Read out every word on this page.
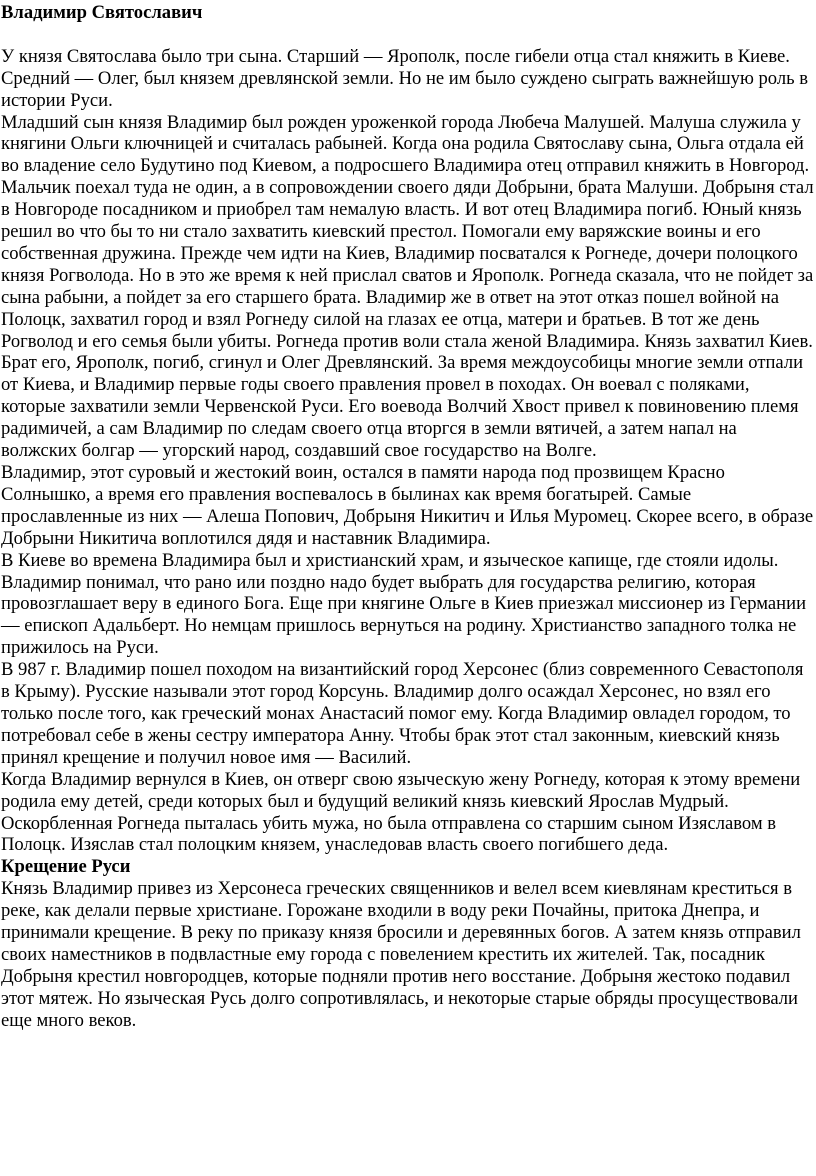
Владимир Святославич

У князя Святослава было три сына. Старший — Ярополк, после гибели отца стал княжить в Киеве. Средний — Олег, был князем древлянской земли. Но не им было суждено сыграть важнейшую роль в истории Руси.

Младший сын князя Владимир был рожден уроженкой города Любеча Малушей. Малуша служила у княгини Ольги ключницей и считалась рабыней. Когда она родила Святославу сына, Ольга отдала ей во владение село Будутино под Киевом, а подросшего Владимира отец отправил княжить в Новгород. Мальчик поехал туда не один, а в сопровождении своего дяди Добрыни, брата Малуши. Добрыня стал в Новгороде посадником и приобрел там немалую власть. И вот отец Владимира погиб. Юный князь решил во что бы то ни стало захватить киевский престол. Помогали ему варяжские воины и его собственная дружина. Прежде чем идти на Киев, Владимир посватался к Рогнеде, дочери полоцкого князя Рогволода. Но в это же время к ней прислал сватов и Ярополк. Рогнеда сказала, что не пойдет за сына рабыни, а пойдет за его старшего брата. Владимир же в ответ на этот отказ пошел войной на Полоцк, захватил город и взял Рогнеду силой на глазах ее отца, матери и братьев. В тот же день Рогволод и его семья были убиты. Рогнеда против воли стала женой Владимира. Князь захватил Киев. Брат его, Ярополк, погиб, сгинул и Олег Древлянский. За время междоусобицы многие земли отпали от Киева, и Владимир первые годы своего правления провел в походах. Он воевал с поляками, которые захватили земли Червенской Руси. Его воевода Волчий Хвост привел к повиновению племя радимичей, а сам Владимир по следам своего отца вторгся в земли вятичей, а затем напал на волжских болгар — угорский народ, создавший свое государство на Волге.

Владимир, этот суровый и жестокий воин, остался в памяти народа под прозвищем Красно Солнышко, а время его правления воспевалось в былинах как время богатырей. Самые прославленные из них — Алеша Попович, Добрыня Никитич и Илья Муромец. Скорее всего, в образе Добрыни Никитича воплотился дядя и наставник Владимира.

В Киеве во времена Владимира был и христианский храм, и языческое капище, где стояли идолы. Владимир понимал, что рано или поздно надо будет выбрать для государства религию, которая провозглашает веру в единого Бога. Еще при княгине Ольге в Киев приезжал миссионер из Германии — епископ Адальберт. Но немцам пришлось вернуться на родину. Христианство западного толка не прижилось на Руси.

В 987 г. Владимир пошел походом на византийский город Херсонес (близ современного Севастополя в Крыму). Русские называли этот город Корсунь. Владимир долго осаждал Херсонес, но взял его только после того, как греческий монах Анастасий помог ему. Когда Владимир овладел городом, то потребовал себе в жены сестру императора Анну. Чтобы брак этот стал законным, киевский князь принял крещение и получил новое имя — Василий.

Когда Владимир вернулся в Киев, он отверг свою языческую жену Рогнеду, которая к этому времени родила ему детей, среди которых был и будущий великий князь киевский Ярослав Мудрый. Оскорбленная Рогнеда пыталась убить мужа, но была отправлена со старшим сыном Изяславом в Полоцк. Изяслав стал полоцким князем, унаследовав власть своего погибшего деда.

Крещение Руси

Князь Владимир привез из Херсонеса греческих священников и велел всем киевлянам креститься в реке, как делали первые христиане. Горожане входили в воду реки Почайны, притока Днепра, и принимали крещение. В реку по приказу князя бросили и деревянных богов. А затем князь отправил своих наместников в подвластные ему города с повелением крестить их жителей. Так, посадник Добрыня крестил новгородцев, которые подняли против него восстание. Добрыня жестоко подавил этот мятеж. Но языческая Русь долго сопротивлялась, и некоторые старые обряды просуществовали еще много веков.
